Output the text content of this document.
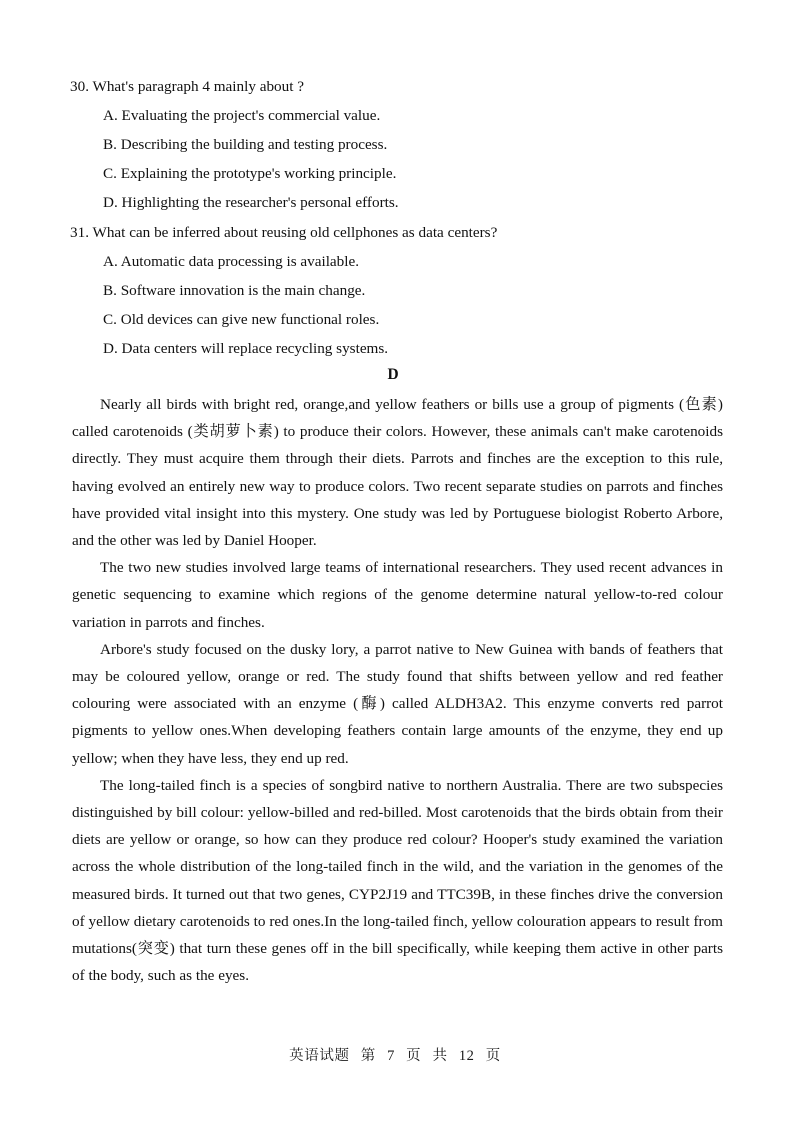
30. What's paragraph 4 mainly about ?
A. Evaluating the project's commercial value.
B. Describing the building and testing process.
C. Explaining the prototype's working principle.
D. Highlighting the researcher's personal efforts.
31. What can be inferred about reusing old cellphones as data centers?
A. Automatic data processing is available.
B. Software innovation is the main change.
C. Old devices can give new functional roles.
D. Data centers will replace recycling systems.
D

Nearly all birds with bright red, orange,and yellow feathers or bills use a group of pigments (色素) called carotenoids (类胡萝卜素) to produce their colors. However, these animals can't make carotenoids directly. They must acquire them through their diets. Parrots and finches are the exception to this rule, having evolved an entirely new way to produce colors. Two recent separate studies on parrots and finches have provided vital insight into this mystery. One study was led by Portuguese biologist Roberto Arbore, and the other was led by Daniel Hooper.

The two new studies involved large teams of international researchers. They used recent advances in genetic sequencing to examine which regions of the genome determine natural yellow-to-red colour variation in parrots and finches.

Arbore's study focused on the dusky lory, a parrot native to New Guinea with bands of feathers that may be coloured yellow, orange or red. The study found that shifts between yellow and red feather colouring were associated with an enzyme (酶) called ALDH3A2. This enzyme converts red parrot pigments to yellow ones.When developing feathers contain large amounts of the enzyme, they end up yellow; when they have less, they end up red.

The long-tailed finch is a species of songbird native to northern Australia. There are two subspecies distinguished by bill colour: yellow-billed and red-billed. Most carotenoids that the birds obtain from their diets are yellow or orange, so how can they produce red colour? Hooper's study examined the variation across the whole distribution of the long-tailed finch in the wild, and the variation in the genomes of the measured birds. It turned out that two genes, CYP2J19 and TTC39B, in these finches drive the conversion of yellow dietary carotenoids to red ones.In the long-tailed finch, yellow colouration appears to result from mutations(突变) that turn these genes off in the bill specifically, while keeping them active in other parts of the body, such as the eyes.

英语试题 第 7 页 共 12 页
